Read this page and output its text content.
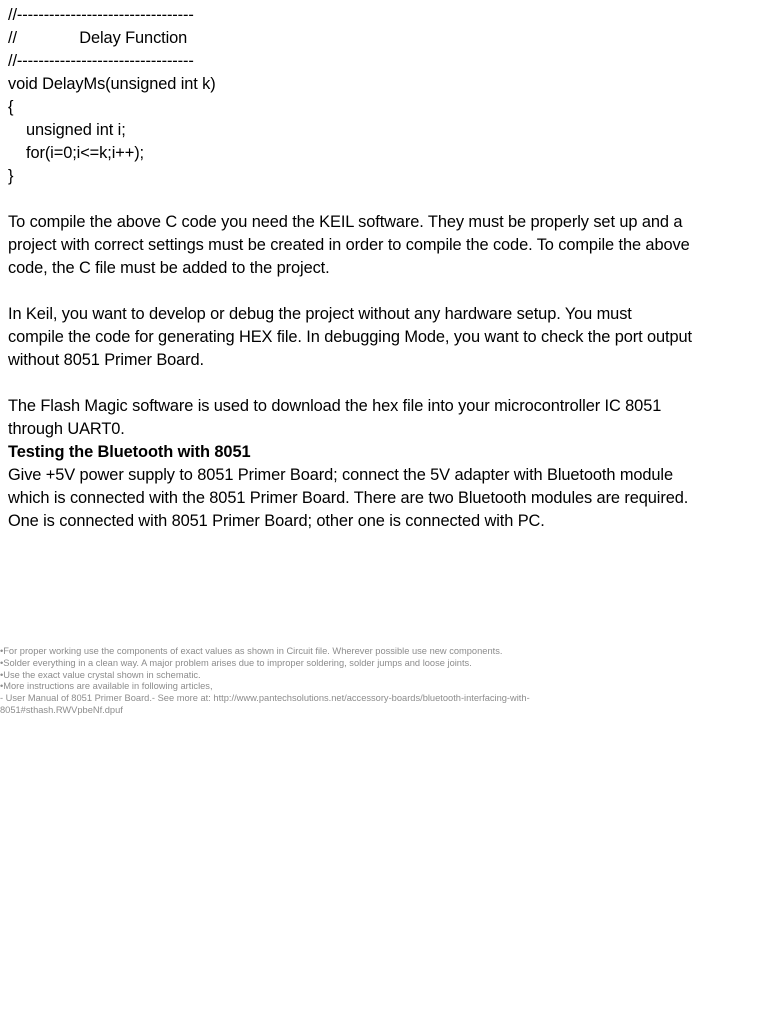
//---------------------------------
//              Delay Function
//---------------------------------
void DelayMs(unsigned int k)
{
unsigned int i;
for(i=0;i<=k;i++);
}
To compile the above C code you need the KEIL software. They must be properly set up and a
project with correct settings must be created in order to compile the code. To compile the above
code, the C file must be added to the project.
In Keil, you want to develop or debug the project without any hardware setup. You must
compile the code for generating HEX file. In debugging Mode, you want to check the port output
without 8051 Primer Board.
The Flash Magic software is used to download the hex file into your microcontroller IC 8051
through UART0.
Testing the Bluetooth with 8051
Give +5V power supply to 8051 Primer Board; connect the 5V adapter with Bluetooth module
which is connected with the 8051 Primer Board. There are two Bluetooth modules are required.
One is connected with 8051 Primer Board; other one is connected with PC.
•For proper working use the components of exact values as shown in Circuit file. Wherever possible use new components.
•Solder everything in a clean way. A major problem arises due to improper soldering, solder jumps and loose joints.
•Use the exact value crystal shown in schematic.
•More instructions are available in following articles,
- User Manual of 8051 Primer Board.- See more at: http://www.pantechsolutions.net/accessory-boards/bluetooth-interfacing-with-
8051#sthash.RWVpbeNf.dpuf
